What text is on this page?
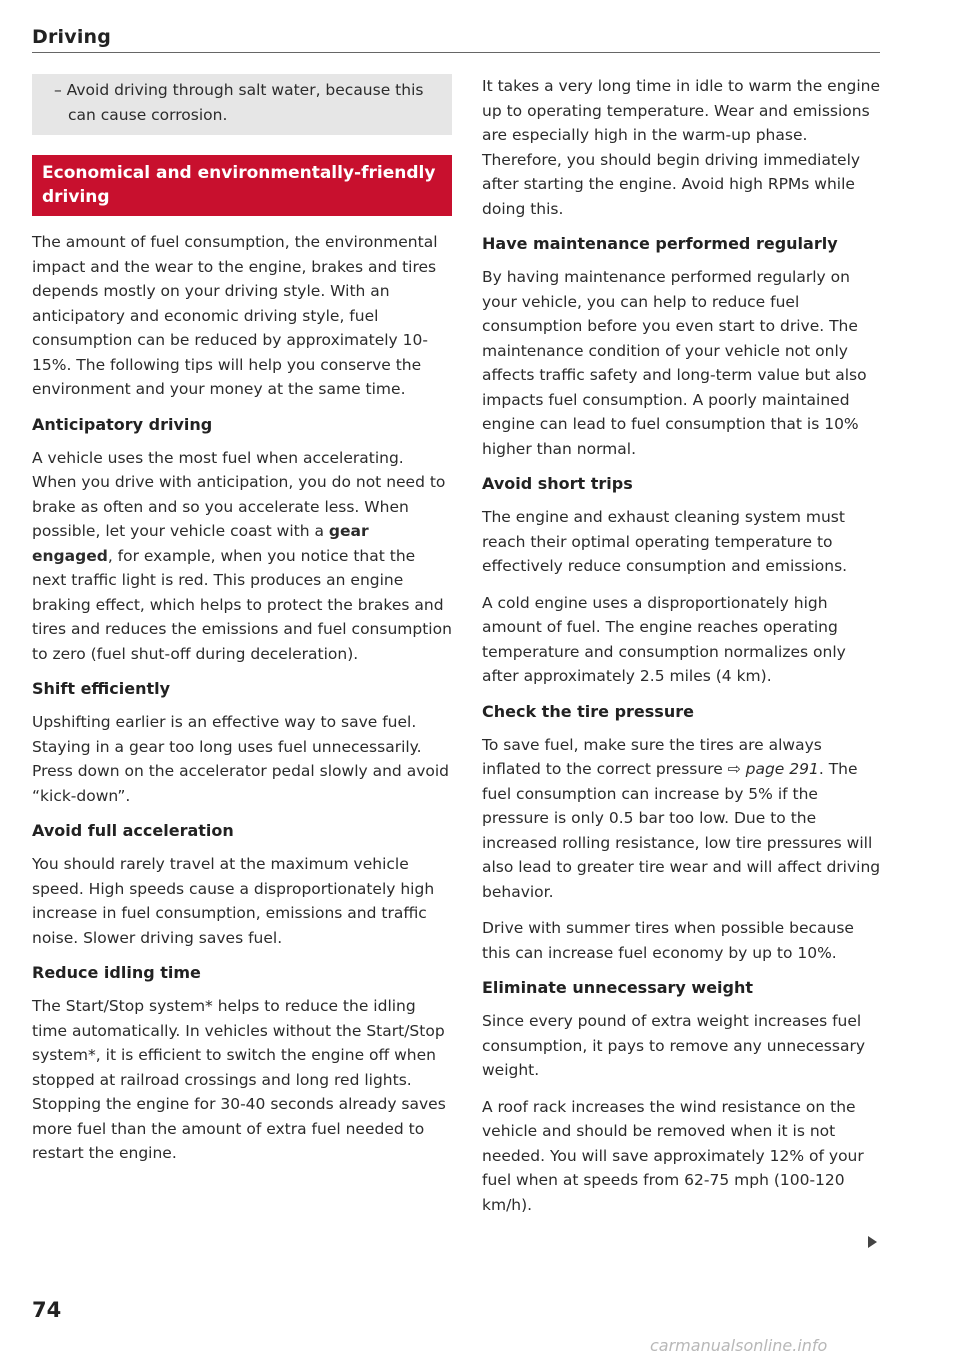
Driving

– Avoid driving through salt water, because this can cause corrosion.

Economical and environmentally-friendly driving

The amount of fuel consumption, the environmental impact and the wear to the engine, brakes and tires depends mostly on your driving style. With an anticipatory and economic driving style, fuel consumption can be reduced by approximately 10-15%. The following tips will help you conserve the environment and your money at the same time.

Anticipatory driving

A vehicle uses the most fuel when accelerating. When you drive with anticipation, you do not need to brake as often and so you accelerate less. When possible, let your vehicle coast with a gear engaged, for example, when you notice that the next traffic light is red. This produces an engine braking effect, which helps to protect the brakes and tires and reduces the emissions and fuel consumption to zero (fuel shut-off during deceleration).

Shift efficiently

Upshifting earlier is an effective way to save fuel. Staying in a gear too long uses fuel unnecessarily. Press down on the accelerator pedal slowly and avoid “kick-down”.

Avoid full acceleration

You should rarely travel at the maximum vehicle speed. High speeds cause a disproportionately high increase in fuel consumption, emissions and traffic noise. Slower driving saves fuel.

Reduce idling time

The Start/Stop system* helps to reduce the idling time automatically. In vehicles without the Start/Stop system*, it is efficient to switch the engine off when stopped at railroad crossings and long red lights. Stopping the engine for 30-40 seconds already saves more fuel than the amount of extra fuel needed to restart the engine.

It takes a very long time in idle to warm the engine up to operating temperature. Wear and emissions are especially high in the warm-up phase. Therefore, you should begin driving immediately after starting the engine. Avoid high RPMs while doing this.

Have maintenance performed regularly

By having maintenance performed regularly on your vehicle, you can help to reduce fuel consumption before you even start to drive. The maintenance condition of your vehicle not only affects traffic safety and long-term value but also impacts fuel consumption. A poorly maintained engine can lead to fuel consumption that is 10% higher than normal.

Avoid short trips

The engine and exhaust cleaning system must reach their optimal operating temperature to effectively reduce consumption and emissions.

A cold engine uses a disproportionately high amount of fuel. The engine reaches operating temperature and consumption normalizes only after approximately 2.5 miles (4 km).

Check the tire pressure

To save fuel, make sure the tires are always inflated to the correct pressure ⇨ page 291. The fuel consumption can increase by 5% if the pressure is only 0.5 bar too low. Due to the increased rolling resistance, low tire pressures will also lead to greater tire wear and will affect driving behavior.

Drive with summer tires when possible because this can increase fuel economy by up to 10%.

Eliminate unnecessary weight

Since every pound of extra weight increases fuel consumption, it pays to remove any unnecessary weight.

A roof rack increases the wind resistance on the vehicle and should be removed when it is not needed. You will save approximately 12% of your fuel when at speeds from 62-75 mph (100-120 km/h).

74
carmanualsonline.info
